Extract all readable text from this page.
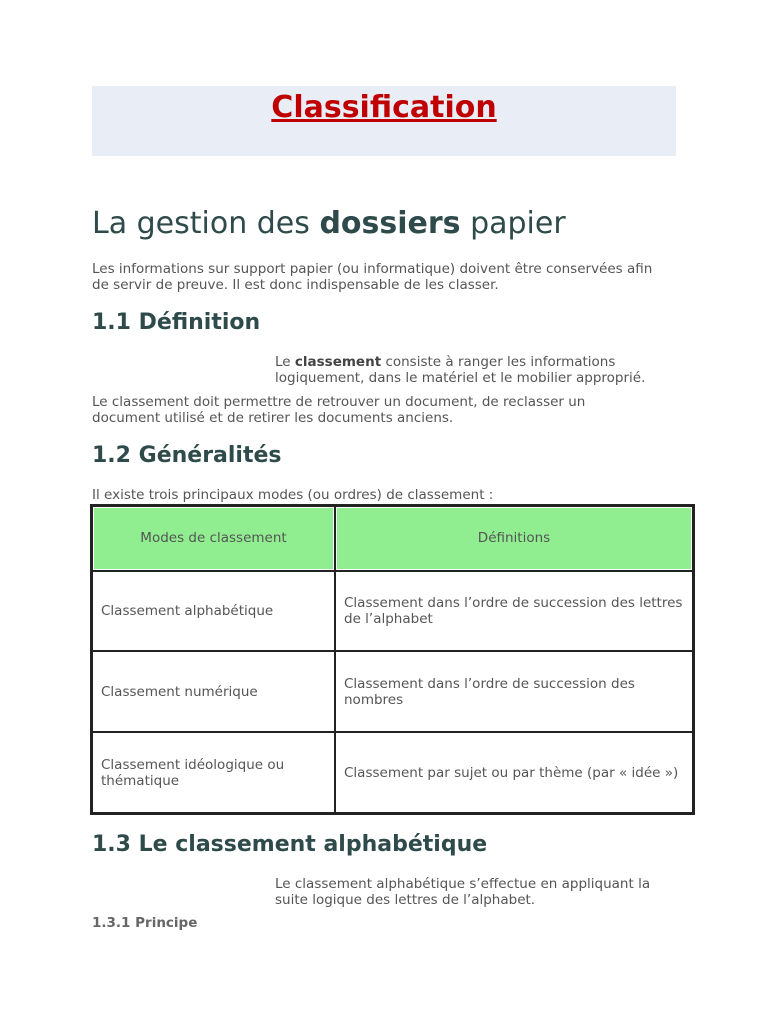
Classification
La gestion des dossiers papier

Les informations sur support papier (ou informatique) doivent être conservées afin de servir de preuve. Il est donc indispensable de les classer.

1.1 Définition

Le classement consiste à ranger les informations logiquement, dans le matériel et le mobilier approprié.

Le classement doit permettre de retrouver un document, de reclasser un document utilisé et de retirer les documents anciens.

1.2 Généralités

Il existe trois principaux modes (ou ordres) de classement :

Modes de classement	Définitions
Classement alphabétique	Classement dans l’ordre de succession des lettres de l’alphabet
Classement numérique	Classement dans l’ordre de succession des nombres
Classement idéologique ou thématique	Classement par sujet ou par thème (par « idée »)
1.3 Le classement alphabétique

Le classement alphabétique s’effectue en appliquant la suite logique des lettres de l’alphabet.

1.3.1 Principe
